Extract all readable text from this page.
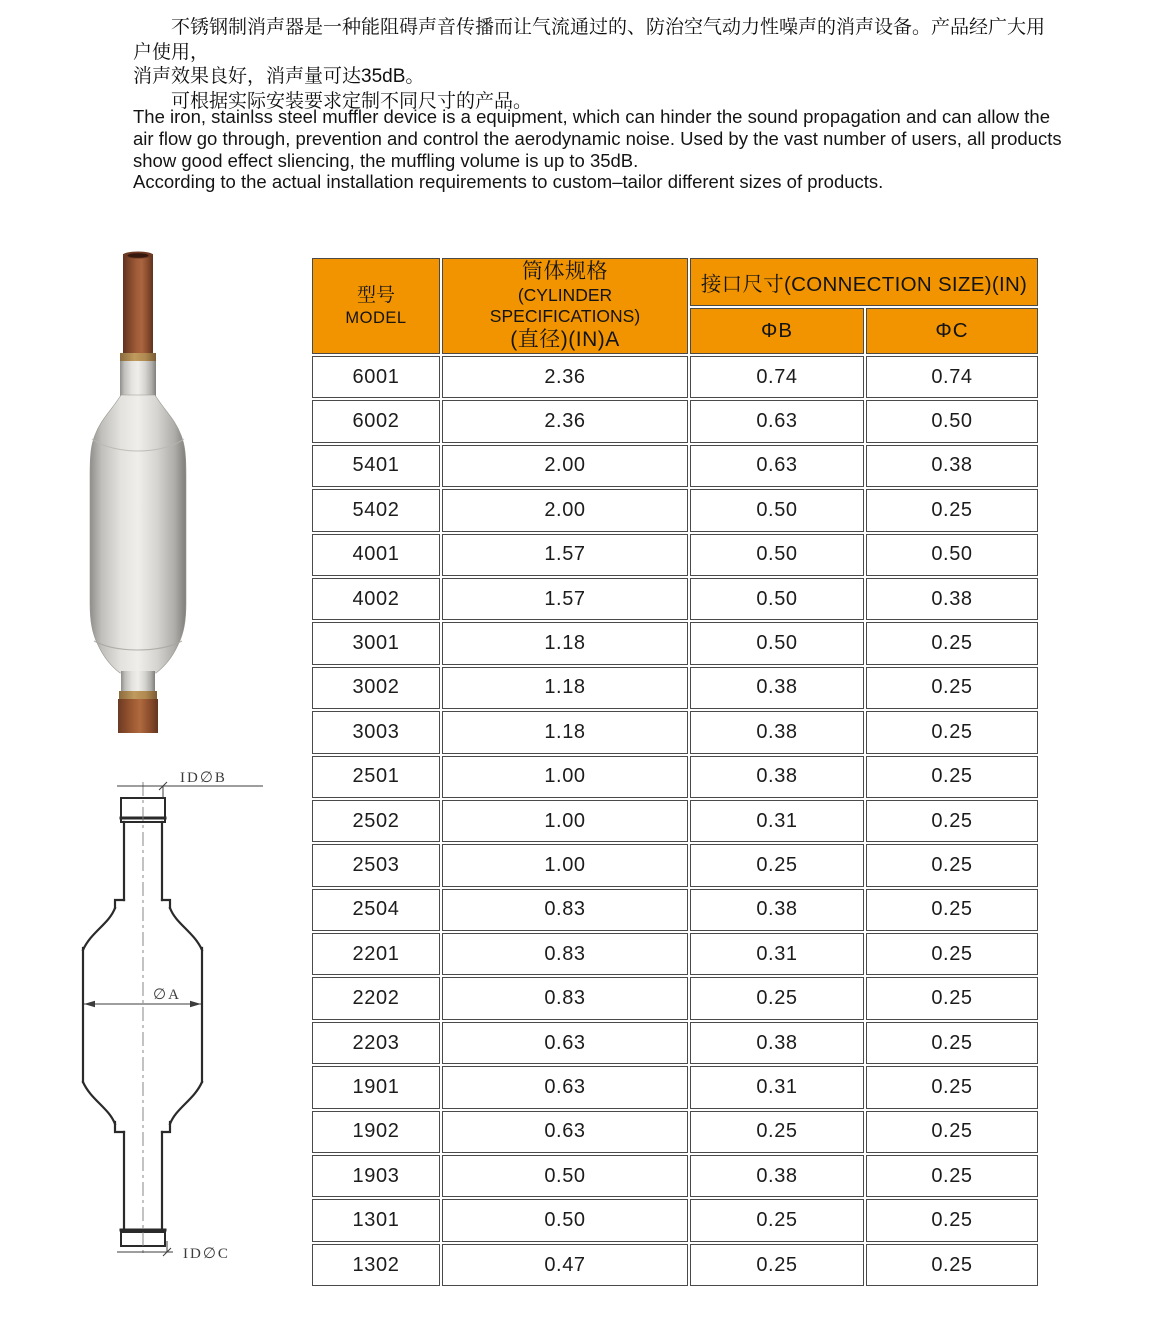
不锈钢制消声器是一种能阻碍声音传播而让气流通过的、防治空气动力性噪声的消声设备。产品经广大用户使用，
消声效果良好，消声量可达35dB。
可根据实际安装要求定制不同尺寸的产品。
The iron, stainlss steel muffler device is a equipment, which can hinder the sound propagation and can allow the
air flow go through, prevention and control the aerodynamic noise. Used by the vast number of users, all products
show good effect sliencing, the muffling volume is up to 35dB.
According to the actual installation requirements to custom–tailor different sizes of products.
∅A
ID∅B
ID∅C
型号
MODEL

筒体规格
(CYLINDER SPECIFICATIONS)
(直径)(IN)A
	接口尺寸(CONNECTION SIZE)(IN)
		ΦB	ΦC
6001	2.36	0.74	0.74
6002	2.36	0.63	0.50
5401	2.00	0.63	0.38
5402	2.00	0.50	0.25
4001	1.57	0.50	0.50
4002	1.57	0.50	0.38
3001	1.18	0.50	0.25
3002	1.18	0.38	0.25
3003	1.18	0.38	0.25
2501	1.00	0.38	0.25
2502	1.00	0.31	0.25
2503	1.00	0.25	0.25
2504	0.83	0.38	0.25
2201	0.83	0.31	0.25
2202	0.83	0.25	0.25
2203	0.63	0.38	0.25
1901	0.63	0.31	0.25
1902	0.63	0.25	0.25
1903	0.50	0.38	0.25
1301	0.50	0.25	0.25
1302	0.47	0.25	0.25
